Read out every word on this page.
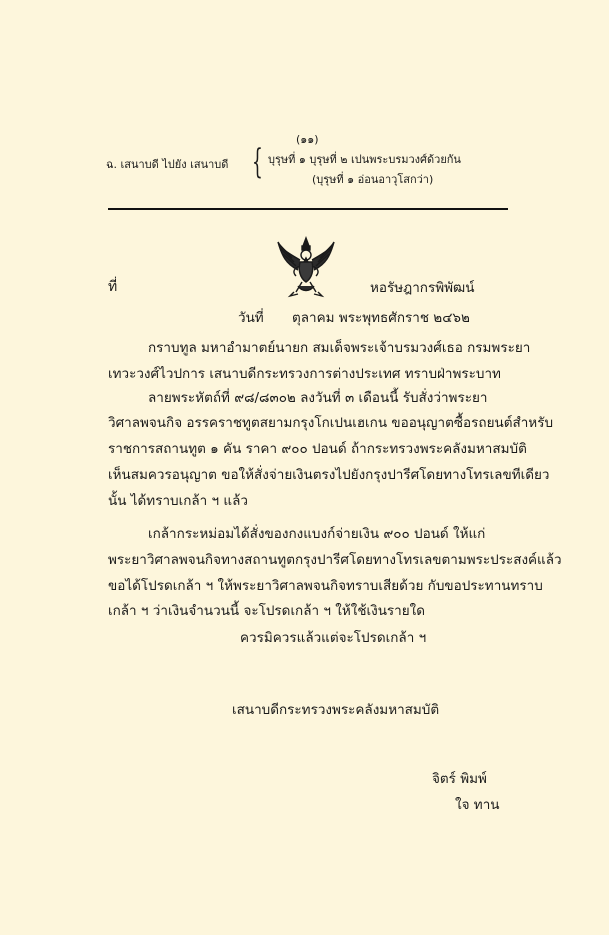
(๑๑)
ฉ. เสนาบดี ไปยัง เสนาบดี { บุรุษที่ ๑ บุรุษที่ ๒ เปนพระบรมวงศ์ด้วยกัน
(บุรุษที่ ๑ อ่อนอาวุโสกว่า)
ที่	หอรัษฎากรพิพัฒน์
วันที่ ตุลาคม พระพุทธศักราช ๒๔๖๒
กราบทูล มหาอำมาตย์นายก สมเด็จพระเจ้าบรมวงศ์เธอ กรมพระยา
เทวะวงศ์ไวปการ เสนาบดีกระทรวงการต่างประเทศ ทราบฝ่าพระบาท
ลายพระหัตถ์ที่ ๙๘/๘๓๐๒ ลงวันที่ ๓ เดือนนี้ รับสั่งว่าพระยา
วิศาลพจนกิจ อรรคราชทูตสยามกรุงโกเปนเฮเกน ขออนุญาตซื้อรถยนต์สำหรับ
ราชการสถานทูต ๑ คัน ราคา ๙๐๐ ปอนด์ ถ้ากระทรวงพระคลังมหาสมบัติ
เห็นสมควรอนุญาต ขอให้สั่งจ่ายเงินตรงไปยังกรุงปารีศโดยทางโทรเลขทีเดียว
นั้น ได้ทราบเกล้า ฯ แล้ว
เกล้ากระหม่อมได้สั่งของกงแบงก์จ่ายเงิน ๙๐๐ ปอนด์ ให้แก่
พระยาวิศาลพจนกิจทางสถานทูตกรุงปารีศโดยทางโทรเลขตามพระประสงค์แล้ว
ขอได้โปรดเกล้า ฯ ให้พระยาวิศาลพจนกิจทราบเสียด้วย กับขอประทานทราบ
เกล้า ฯ ว่าเงินจำนวนนี้ จะโปรดเกล้า ฯ ให้ใช้เงินรายใด
ควรมิควรแล้วแต่จะโปรดเกล้า ฯ
เสนาบดีกระทรวงพระคลังมหาสมบัติ
จิตร์ พิมพ์
ใจ ทาน
